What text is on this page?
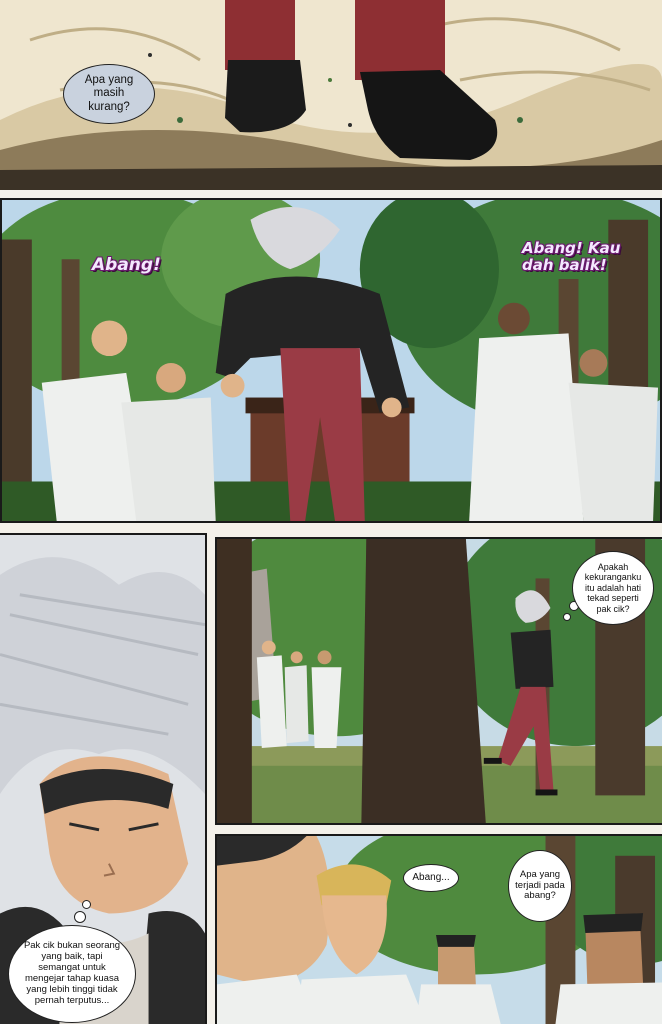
Apa yang masih kurang?
Abang!
Abang! Kau dah balik!
Pak cik bukan seorang yang baik, tapi semangat untuk mengejar tahap kuasa yang lebih tinggi tidak pernah terputus...
Apakah kekuranganku itu adalah hati tekad seperti pak cik?
Abang...	Apa yang terjadi pada abang?
